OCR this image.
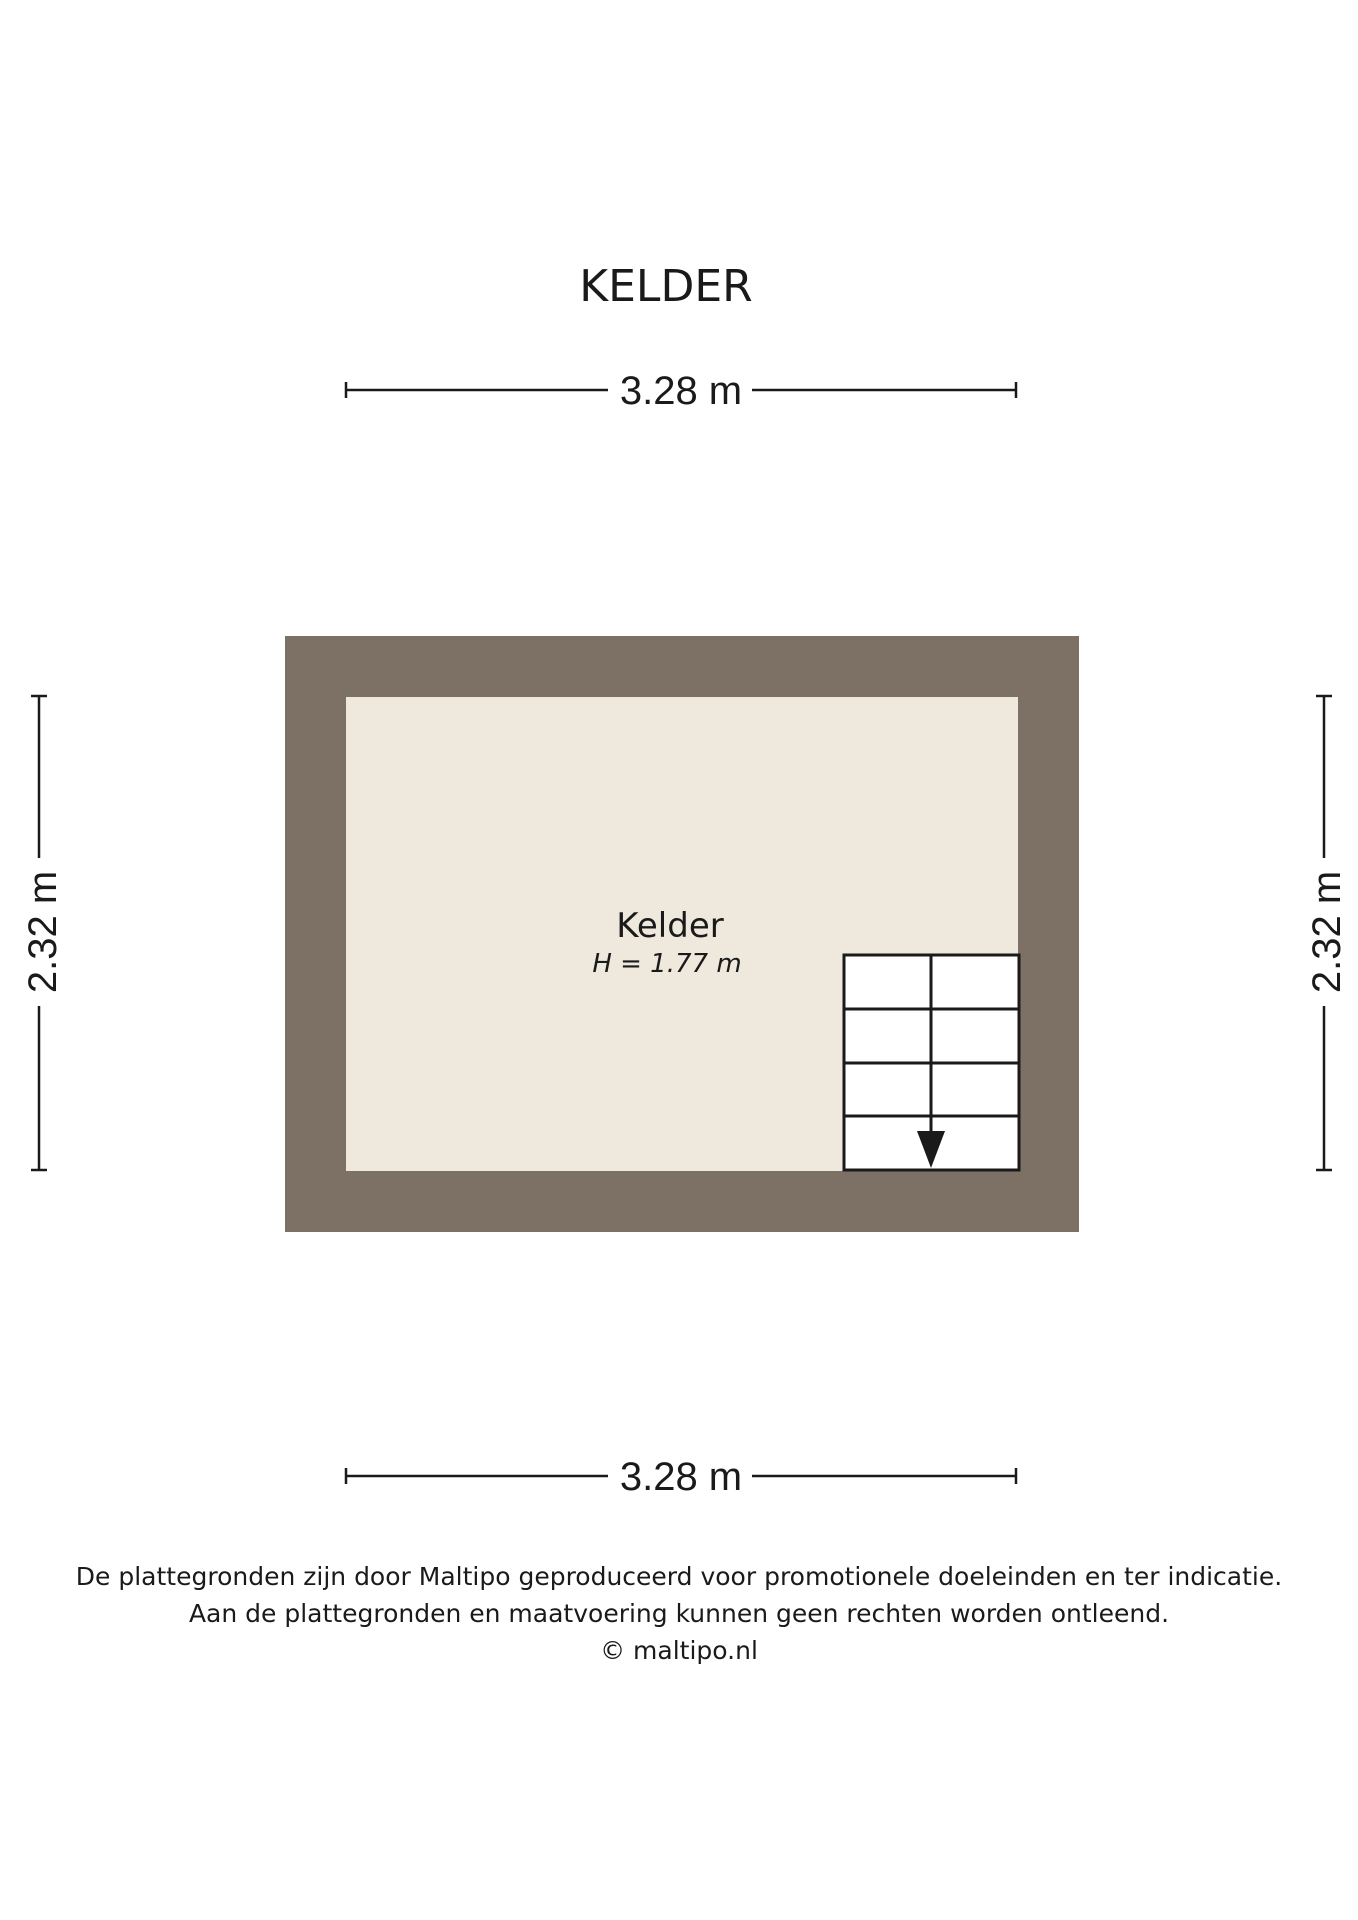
KELDER
3.28 m
3.28 m
2.32 m	2.32 m
Kelder
H = 1.77 m
De plattegronden zijn door Maltipo geproduceerd voor promotionele doeleinden en ter indicatie.
Aan de plattegronden en maatvoering kunnen geen rechten worden ontleend.
© maltipo.nl
